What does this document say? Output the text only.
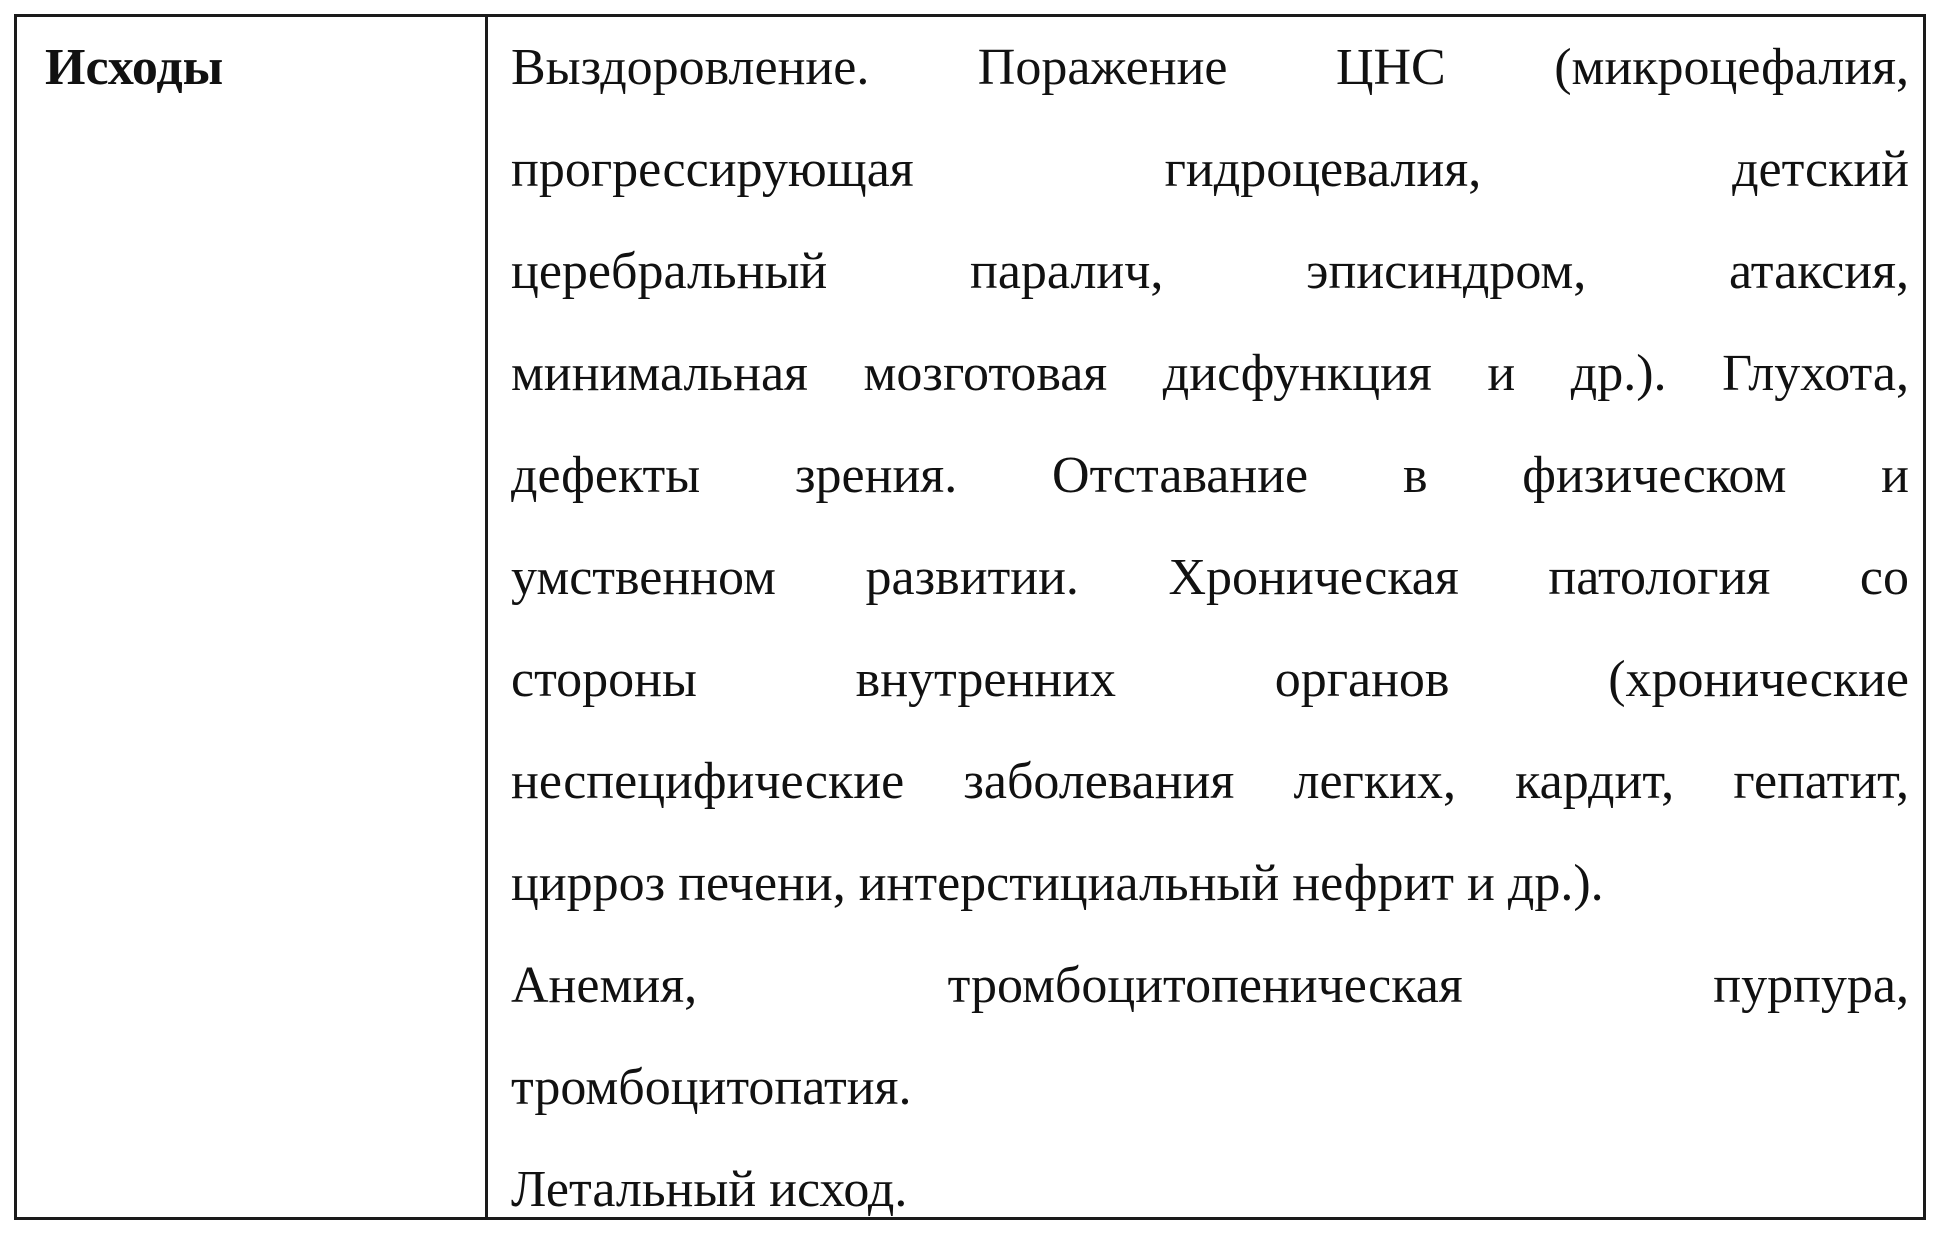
Исходы	Выздоровление. Поражение ЦНС (микроцефалия,
прогрессирующая гидроцевалия, детский
церебральный паралич, эписиндром, атаксия,
минимальная мозготовая дисфункция и др.). Глухота,
дефекты зрения. Отставание в физическом и
умственном развитии. Хроническая патология со
стороны внутренних органов (хронические
неспецифические заболевания легких, кардит, гепатит,
цирроз печени, интерстициальный нефрит и др.).
Анемия, тромбоцитопеническая пурпура,
тромбоцитопатия.
Летальный исход.
